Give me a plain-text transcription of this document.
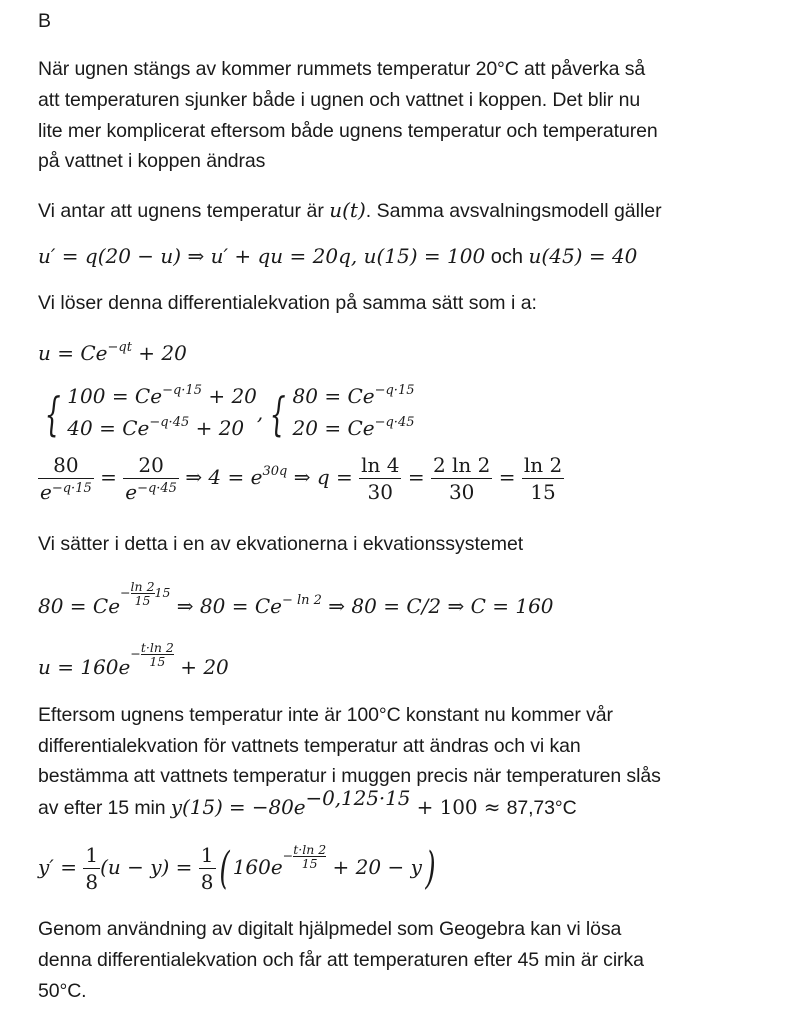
B
När ugnen stängs av kommer rummets temperatur 20°C att påverka så
att temperaturen sjunker både i ugnen och vattnet i koppen. Det blir nu
lite mer komplicerat eftersom både ugnens temperatur och temperaturen
på vattnet i koppen ändras
Vi antar att ugnens temperatur är u(t). Samma avsvalningsmodell gäller
u′ = q(20 − u) ⇒ u′ + qu = 20q, u(15) = 100 och u(45) = 40
Vi löser denna differentialekvation på samma sätt som i a:
$u = Ce^{-qt} + 20$
{ $100 = Ce^{-q\cdot 15} + 20$
$40 = Ce^{-q\cdot 45} + 20$
, { $80 = Ce^{-q\cdot 15}$
$20 = Ce^{-q\cdot 45}$
$\frac{80}{e^{-q\cdot 15}} = \frac{20}{e^{-q\cdot 45}}$ ⇒ $4 = e^{30q}$ ⇒ $q = \frac{\ln 4}{30} = \frac{2 \ln 2}{30} = \frac{\ln 2}{15}$
Vi sätter i detta i en av ekvationerna i ekvationssystemet
$80 = Ce- \frac{\ln 2}{15} 15$ ⇒ $80 = Ce^{- ln 2}$ ⇒ 80 = C/2 ⇒ C = 160
$u = 160e- \frac{t\cdot\ln 2}{15} + 20$
Eftersom ugnens temperatur inte är 100°C konstant nu kommer vår
differentialekvation för vattnets temperatur att ändras och vi kan
bestämma att vattnets temperatur i muggen precis när temperaturen slås
av efter 15 $\min y(15) = -80e^{-0,125\cdot 15} + 100 \approx 87,73^\circ C$
$y' = \frac{1}{8} (u - y) = \frac{1}{8}$ ( $160e- \frac{t\cdot\ln 2}{15} + 20 - y$)
Genom användning av digitalt hjälpmedel som Geogebra kan vi lösa
denna differentialekvation och får att temperaturen efter 45 min är cirka
50°C.
